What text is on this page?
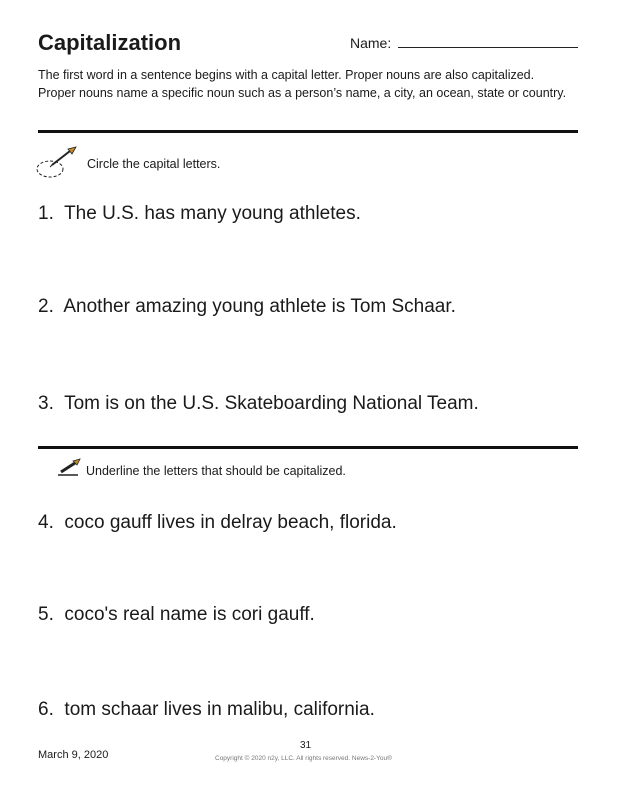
Capitalization	Name:
The first word in a sentence begins with a capital letter. Proper nouns are also capitalized. Proper nouns name a specific noun such as a person’s name, a city, an ocean, state or country.
Circle the capital letters.
1. The U.S. has many young athletes.
2. Another amazing young athlete is Tom Schaar.
3. Tom is on the U.S. Skateboarding National Team.
Underline the letters that should be capitalized.
4. coco gauff lives in delray beach, florida.
5. coco's real name is cori gauff.
6. tom schaar lives in malibu, california.
March 9, 2020
31
Copyright © 2020 n2y, LLC. All rights reserved. News-2-You®
